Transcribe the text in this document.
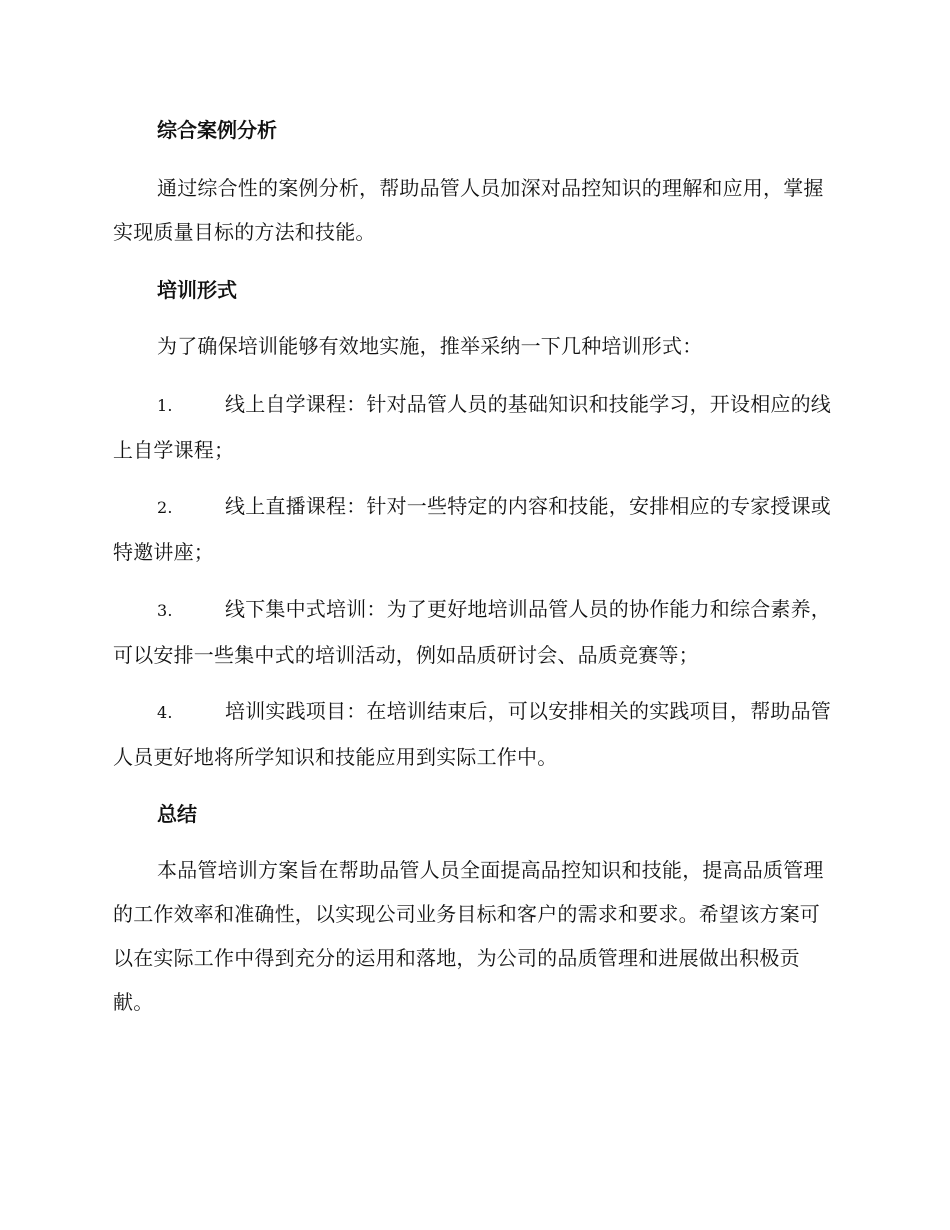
综合案例分析
通过综合性的案例分析，帮助品管人员加深对品控知识的理解和应用，掌握实现质量目标的方法和技能。
培训形式
为了确保培训能够有效地实施，推举采纳一下几种培训形式：
1.	线上自学课程：针对品管人员的基础知识和技能学习，开设相应的线上自学课程；
2.	线上直播课程：针对一些特定的内容和技能，安排相应的专家授课或特邀讲座；
3.	线下集中式培训：为了更好地培训品管人员的协作能力和综合素养，可以安排一些集中式的培训活动，例如品质研讨会、品质竞赛等；
4.	培训实践项目：在培训结束后，可以安排相关的实践项目，帮助品管人员更好地将所学知识和技能应用到实际工作中。
总结
本品管培训方案旨在帮助品管人员全面提高品控知识和技能，提高品质管理的工作效率和准确性，以实现公司业务目标和客户的需求和要求。希望该方案可以在实际工作中得到充分的运用和落地，为公司的品质管理和进展做出积极贡献。
